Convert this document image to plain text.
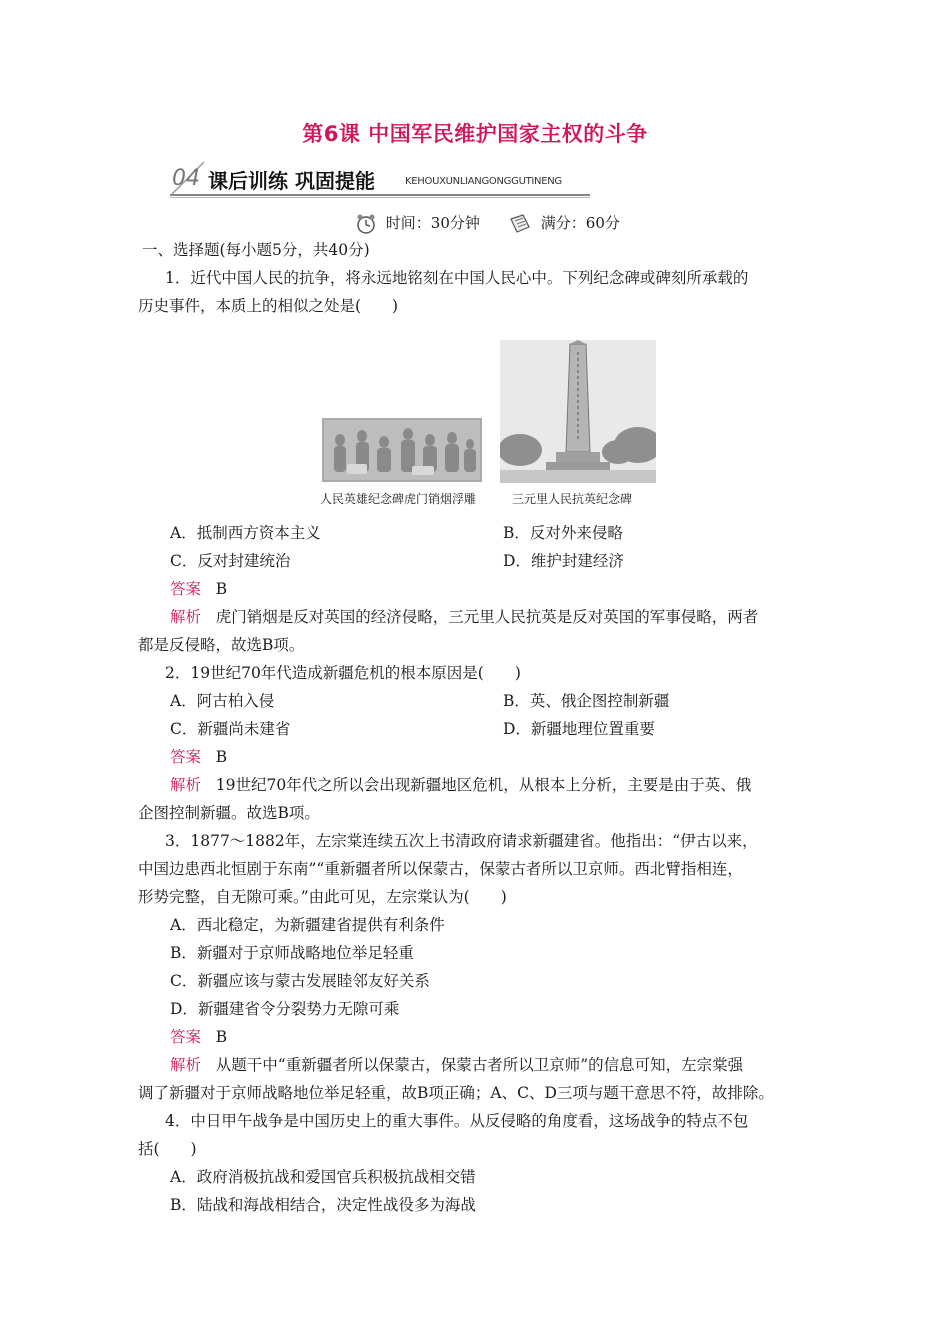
第6课 中国军民维护国家主权的斗争
04 课后训练 巩固提能	KEHOUXUNLIANGONGGUTINENG
时间：30分钟	满分：60分
一、选择题(每小题5分，共40分)
1．近代中国人民的抗争，将永远地铭刻在中国人民心中。下列纪念碑或碑刻所承载的
历史事件，本质上的相似之处是(　　)
人民英雄纪念碑虎门销烟浮雕	三元里人民抗英纪念碑
A．抵制西方资本主义	B．反对外来侵略
C．反对封建统治	D．维护封建经济
答案 B
解析 虎门销烟是反对英国的经济侵略，三元里人民抗英是反对英国的军事侵略，两者
都是反侵略，故选B项。
2．19世纪70年代造成新疆危机的根本原因是(　　)
A．阿古柏入侵	B．英、俄企图控制新疆
C．新疆尚未建省	D．新疆地理位置重要
答案 B
解析 19世纪70年代之所以会出现新疆地区危机，从根本上分析，主要是由于英、俄
企图控制新疆。故选B项。
3．1877～1882年，左宗棠连续五次上书清政府请求新疆建省。他指出：“伊古以来，
中国边患西北恒剧于东南”“重新疆者所以保蒙古，保蒙古者所以卫京师。西北臂指相连，
形势完整，自无隙可乘。”由此可见，左宗棠认为(　　)
A．西北稳定，为新疆建省提供有利条件
B．新疆对于京师战略地位举足轻重
C．新疆应该与蒙古发展睦邻友好关系
D．新疆建省令分裂势力无隙可乘
答案 B
解析 从题干中“重新疆者所以保蒙古，保蒙古者所以卫京师”的信息可知，左宗棠强
调了新疆对于京师战略地位举足轻重，故B项正确；A、C、D三项与题干意思不符，故排除。
4．中日甲午战争是中国历史上的重大事件。从反侵略的角度看，这场战争的特点不包
括(　　)
A．政府消极抗战和爱国官兵积极抗战相交错
B．陆战和海战相结合，决定性战役多为海战
